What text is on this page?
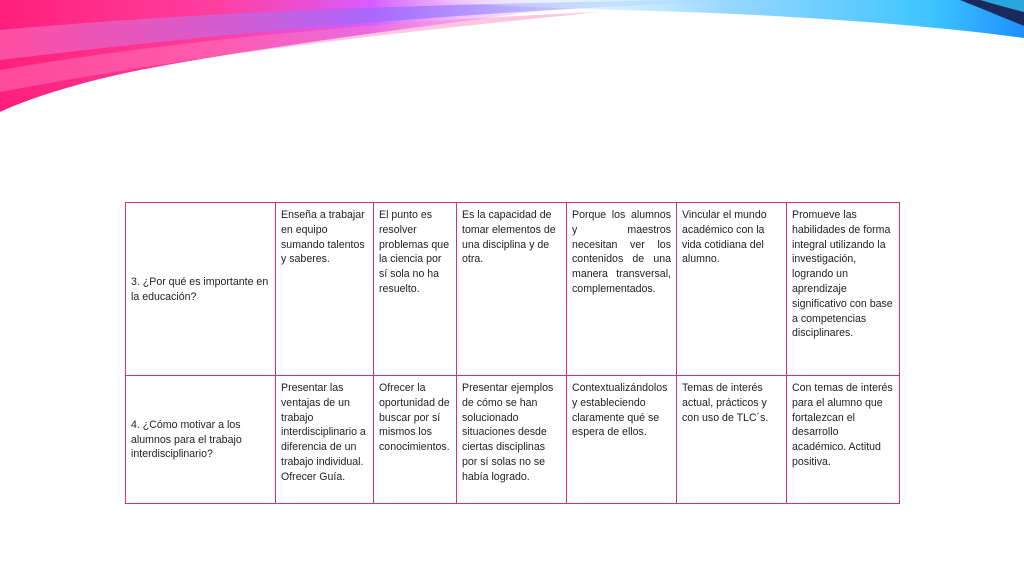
3. ¿Por qué es importante en la educación?	Enseña a trabajar en equipo sumando talentos y saberes.	El punto es resolver problemas que la ciencia por sí sola no ha resuelto.	Es la capacidad de tomar elementos de una disciplina y de otra.	Porque los alumnos y maestros necesitan ver los contenidos de una manera transversal, complementados.	Vincular el mundo académico con la vida cotidiana del alumno.	Promueve las habilidades de forma integral utilizando la investigación, logrando un aprendizaje significativo con base a competencias disciplinares.
4. ¿Cómo motivar a los alumnos para el trabajo interdisciplinario?	Presentar las ventajas de un trabajo interdisciplinario a diferencia de un trabajo individual. Ofrecer Guía.	Ofrecer la oportunidad de buscar por sí mismos los conocimientos.	Presentar ejemplos de cómo se han solucionado situaciones desde ciertas disciplinas por sí solas no se había logrado.	Contextualizándolos y estableciendo claramente qué se espera de ellos.	Temas de interés actual, prácticos y con uso de TLC´s.	Con temas de interés para el alumno que fortalezcan el desarrollo académico. Actitud positiva.
